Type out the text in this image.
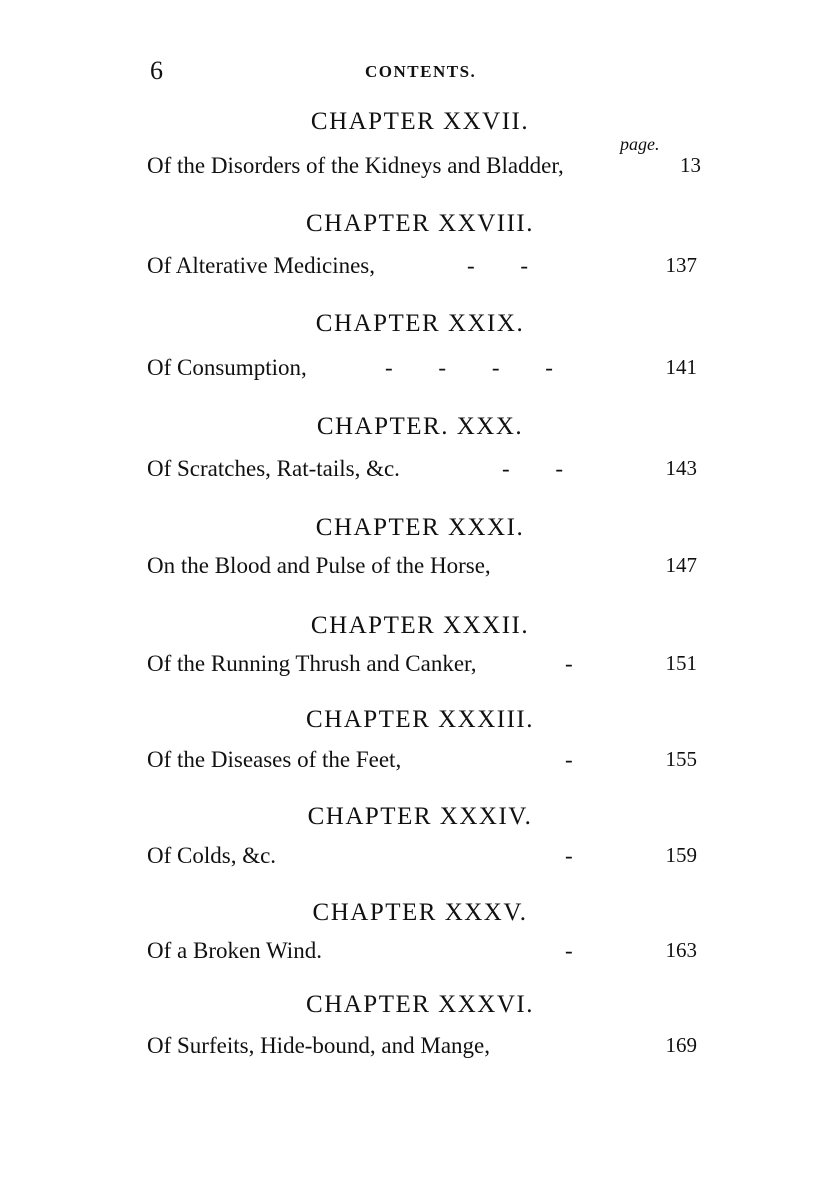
6	CONTENTS.
page.
CHAPTER XXVII.
Of the Disorders of the Kidneys and Bladder,	13
CHAPTER XXVIII.
Of Alterative Medicines,	- -	137
CHAPTER XXIX.
Of Consumption,	- - - -	141
CHAPTER. XXX.
Of Scratches, Rat-tails, &c.	- -	143
CHAPTER XXXI.
On the Blood and Pulse of the Horse,	147
CHAPTER XXXII.
Of the Running Thrush and Canker,	-	151
CHAPTER XXXIII.
Of the Diseases of the Feet,	-	155
CHAPTER XXXIV.
Of Colds, &c.	-	159
CHAPTER XXXV.
Of a Broken Wind.	-	163
CHAPTER XXXVI.
Of Surfeits, Hide-bound, and Mange,	169
